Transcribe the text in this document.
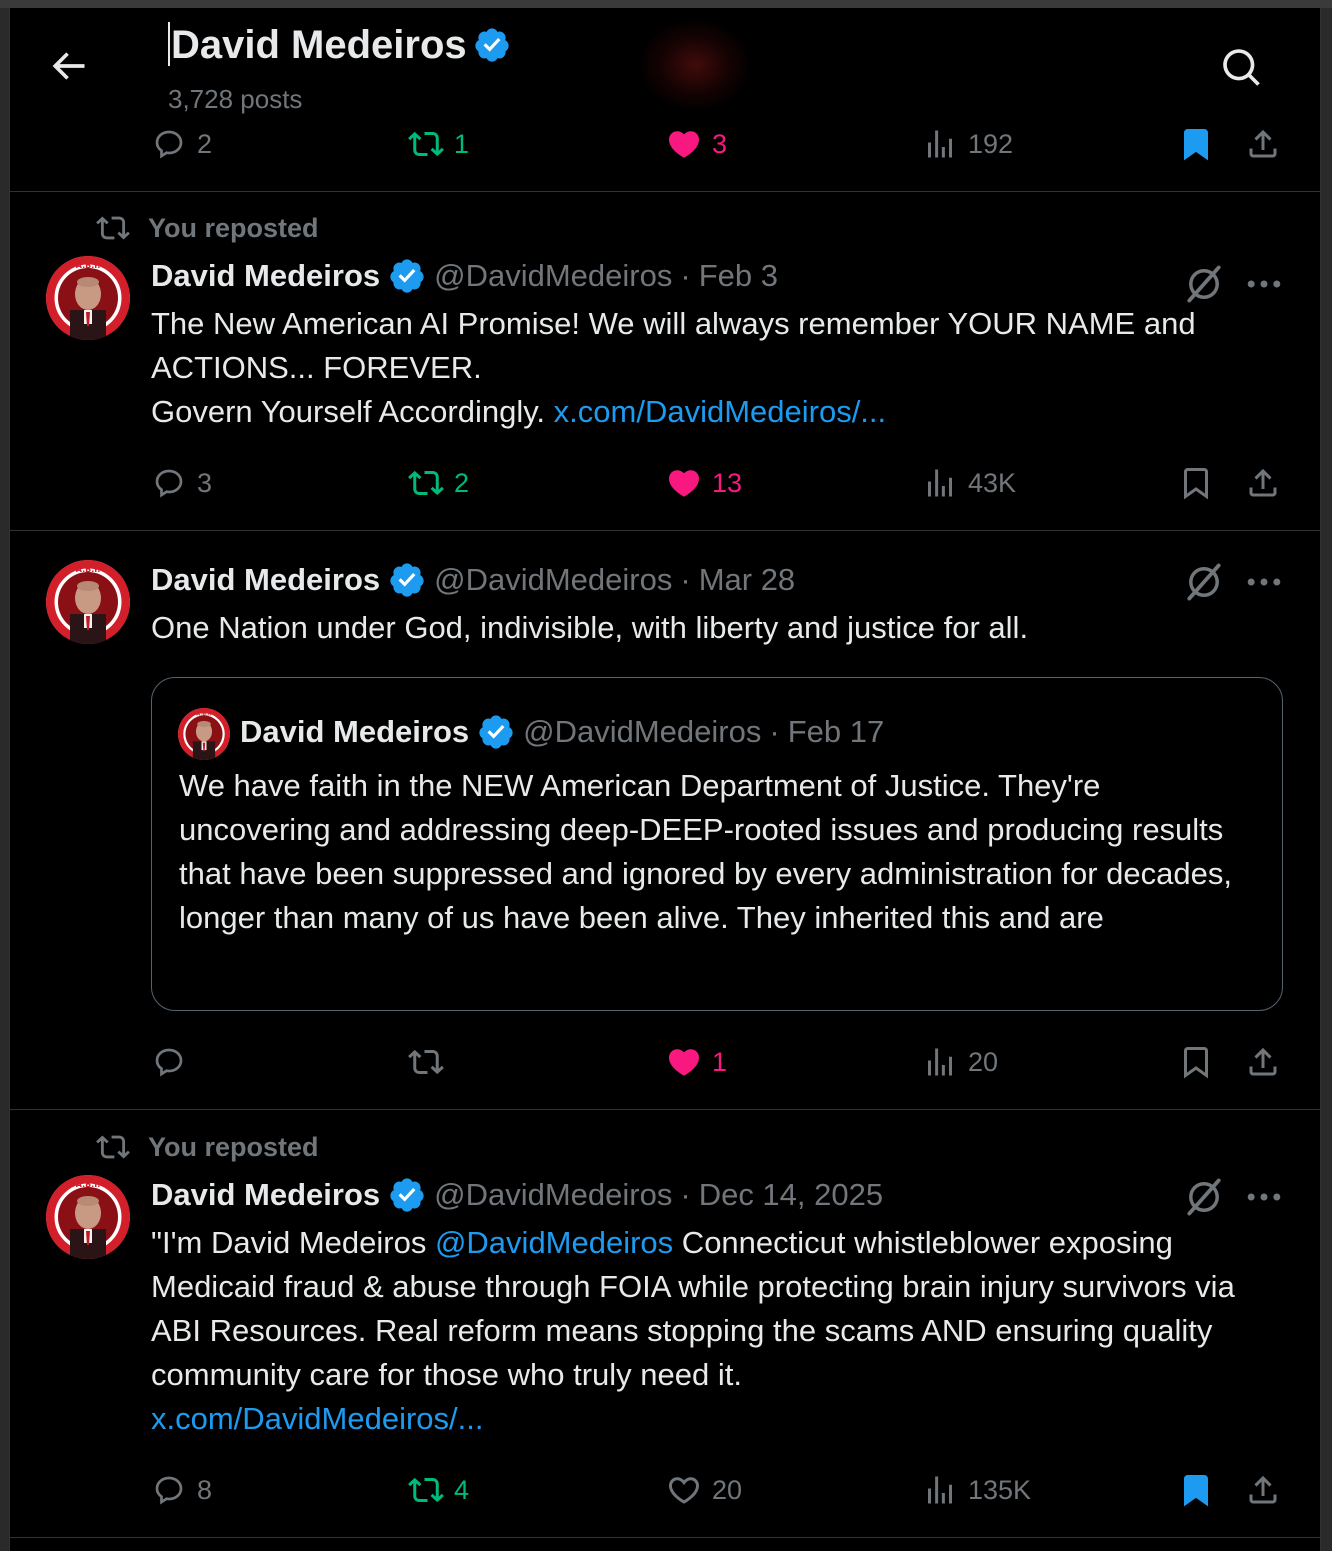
David Medeiros
3,728 posts
2	1	3	192
You reposted
David Medeiros @DavidMedeiros · Feb 3
The New American AI Promise! We will always remember YOUR NAME and ACTIONS... FOREVER.
Govern Yourself Accordingly. x.com/DavidMedeiros/...
3	2	13	43K
David Medeiros @DavidMedeiros · Mar 28
One Nation under God, indivisible, with liberty and justice for all.
David Medeiros @DavidMedeiros · Feb 17
We have faith in the NEW American Department of Justice. They're uncovering and addressing deep-DEEP-rooted issues and producing results that have been suppressed and ignored by every administration for decades, longer than many of us have been alive. They inherited this and are
1	20
You reposted
David Medeiros @DavidMedeiros · Dec 14, 2025
"I'm David Medeiros @DavidMedeiros Connecticut whistleblower exposing Medicaid fraud & abuse through FOIA while protecting brain injury survivors via ABI Resources. Real reform means stopping the scams AND ensuring quality community care for those who truly need it.
x.com/DavidMedeiros/...
8	4	20	135K
